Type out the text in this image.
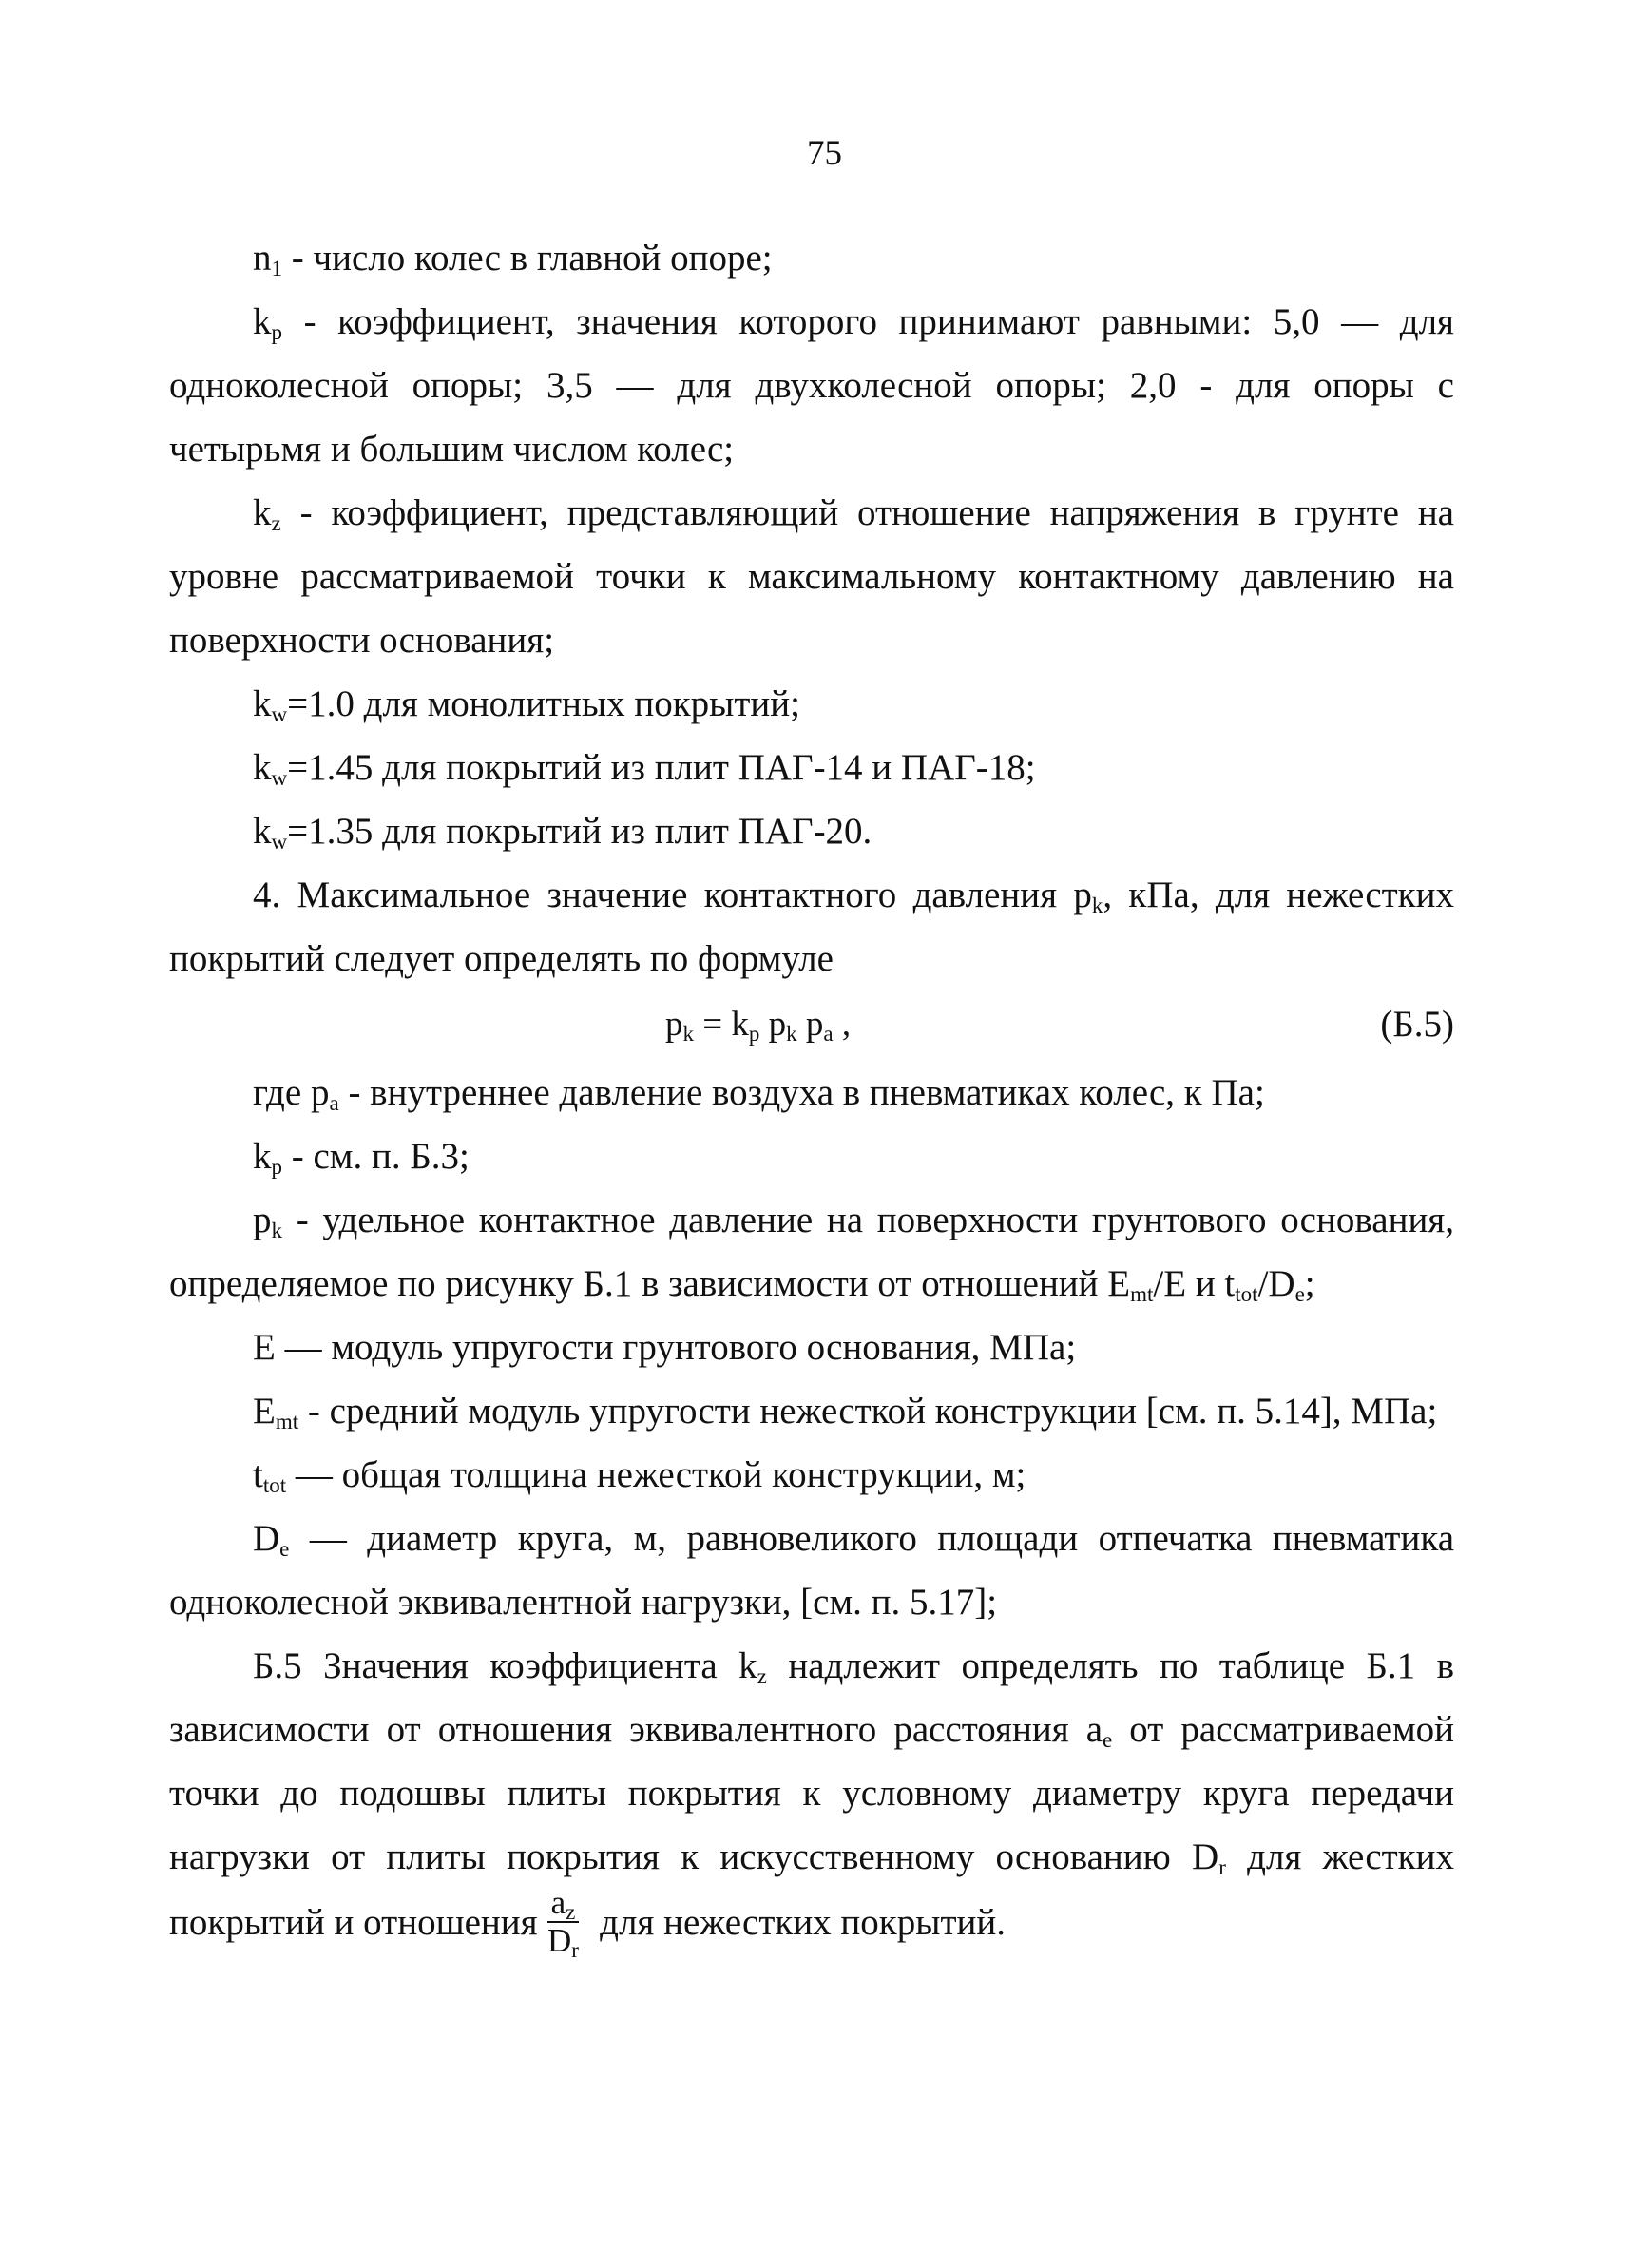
75

$n_1$ - число колес в главной опоре;

$k_p$ - коэффициент, значения которого принимают равными: 5,0 — для одноколесной опоры; 3,5 — для двухколесной опоры; 2,0 - для опоры с четырьмя и большим числом колес;

$k_z$ - коэффициент, представляющий отношение напряжения в грунте на уровне рассматриваемой точки к максимальному контактному давлению на поверхности основания;

$k_w=1.0$ для монолитных покрытий;

$k_w=1.45$ для покрытий из плит ПАГ-14 и ПАГ-18;

$k_w=1.35$ для покрытий из плит ПАГ-20.

4. Максимальное значение контактного давления $p_k$, кПа, для нежестких покрытий следует определять по формуле

$p_k = k_p$ $p_k$ $p_a$ ,	(Б.5)

где $p_a$ - внутреннее давление воздуха в пневматиках колес, к Па;

$k_p$ - см. п. Б.3;

$p_k$ - удельное контактное давление на поверхности грунтового основания, определяемое по рисунку Б.1 в зависимости от отношений $E_{mt}/E$ и $t_{tot}/D_e$;

E — модуль упругости грунтового основания, МПа;

$E_{mt}$ - средний модуль упругости нежесткой конструкции [см. п. 5.14], МПа;

$t_{tot}$ — общая толщина нежесткой конструкции, м;

$D_e$ — диаметр круга, м, равновеликого площади отпечатка пневматика одноколесной эквивалентной нагрузки, [см. п. 5.17];

Б.5 Значения коэффициента $k_z$ надлежит определять по таблице Б.1 в зависимости от отношения эквивалентного расстояния $a_e$ от рассматриваемой точки до подошвы плиты покрытия к условному диаметру круга передачи нагрузки от плиты покрытия к искусственному основанию $D_r$ для жестких покрытий и отношения $\frac{a_z}{D_r}$ для нежестких покрытий.
